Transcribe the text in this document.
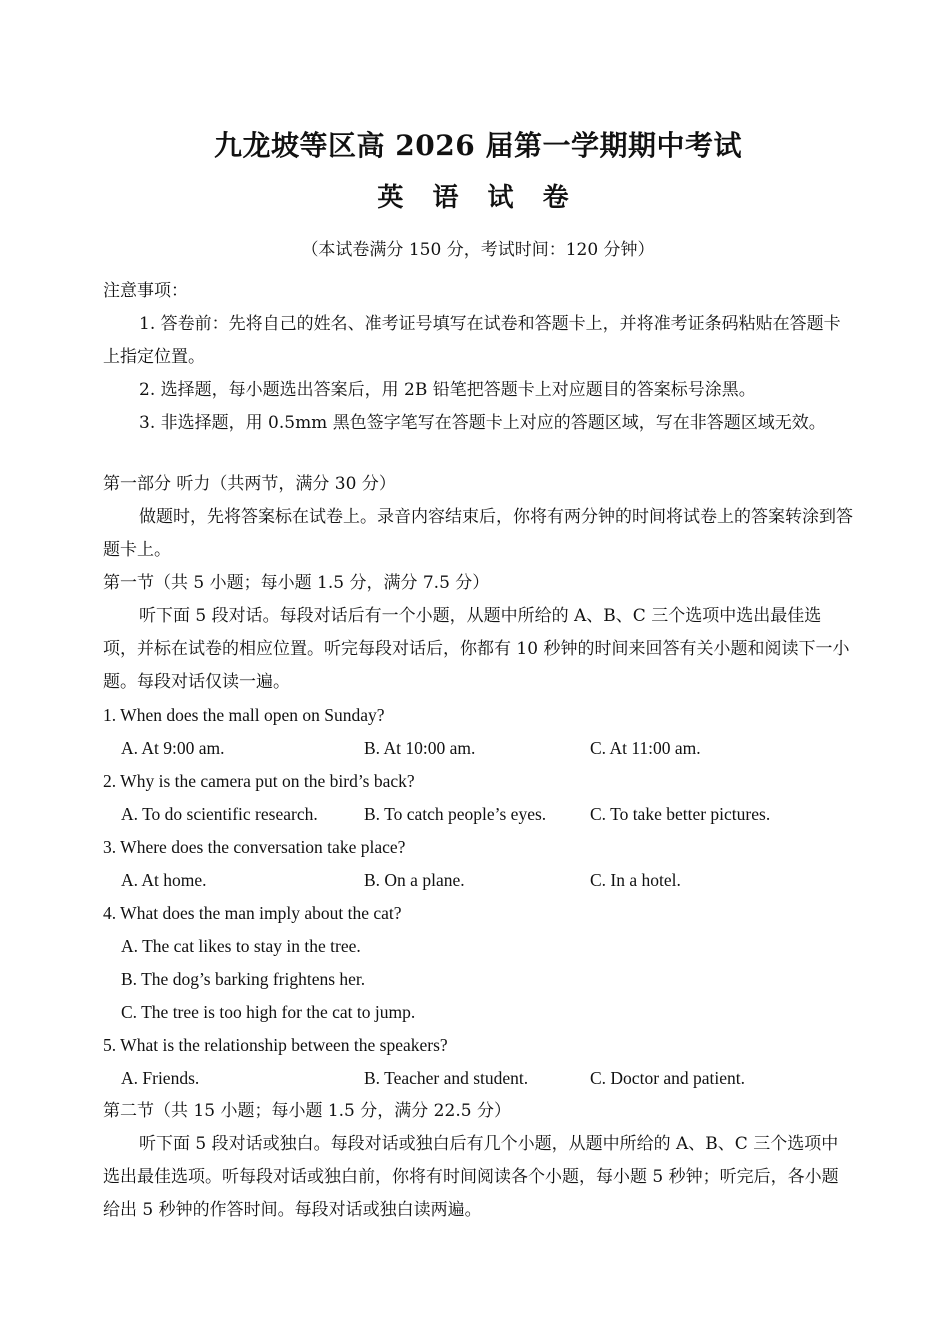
九龙坡等区高 2026 届第一学期期中考试
英 语 试 卷
（本试卷满分 150 分，考试时间：120 分钟）
注意事项：
1. 答卷前：先将自己的姓名、准考证号填写在试卷和答题卡上，并将准考证条码粘贴在答题卡上指定位置。
2. 选择题，每小题选出答案后，用 2B 铅笔把答题卡上对应题目的答案标号涂黑。
3. 非选择题，用 0.5mm 黑色签字笔写在答题卡上对应的答题区域，写在非答题区域无效。
第一部分 听力（共两节，满分 30 分）
做题时，先将答案标在试卷上。录音内容结束后，你将有两分钟的时间将试卷上的答案转涂到答题卡上。
第一节（共 5 小题；每小题 1.5 分，满分 7.5 分）
听下面 5 段对话。每段对话后有一个小题，从题中所给的 A、B、C 三个选项中选出最佳选项，并标在试卷的相应位置。听完每段对话后，你都有 10 秒钟的时间来回答有关小题和阅读下一小题。每段对话仅读一遍。
1. When does the mall open on Sunday?
A. At 9:00 am.	B. At 10:00 am.	C. At 11:00 am.
2. Why is the camera put on the bird’s back?
A. To do scientific research.	B. To catch people’s eyes.	C. To take better pictures.
3. Where does the conversation take place?
A. At home.	B. On a plane.	C. In a hotel.
4. What does the man imply about the cat?
A. The cat likes to stay in the tree.
B. The dog’s barking frightens her.
C. The tree is too high for the cat to jump.
5. What is the relationship between the speakers?
A. Friends.	B. Teacher and student.	C. Doctor and patient.
第二节（共 15 小题；每小题 1.5 分，满分 22.5 分）
听下面 5 段对话或独白。每段对话或独白后有几个小题，从题中所给的 A、B、C 三个选项中选出最佳选项。听每段对话或独白前，你将有时间阅读各个小题，每小题 5 秒钟；听完后，各小题给出 5 秒钟的作答时间。每段对话或独白读两遍。
